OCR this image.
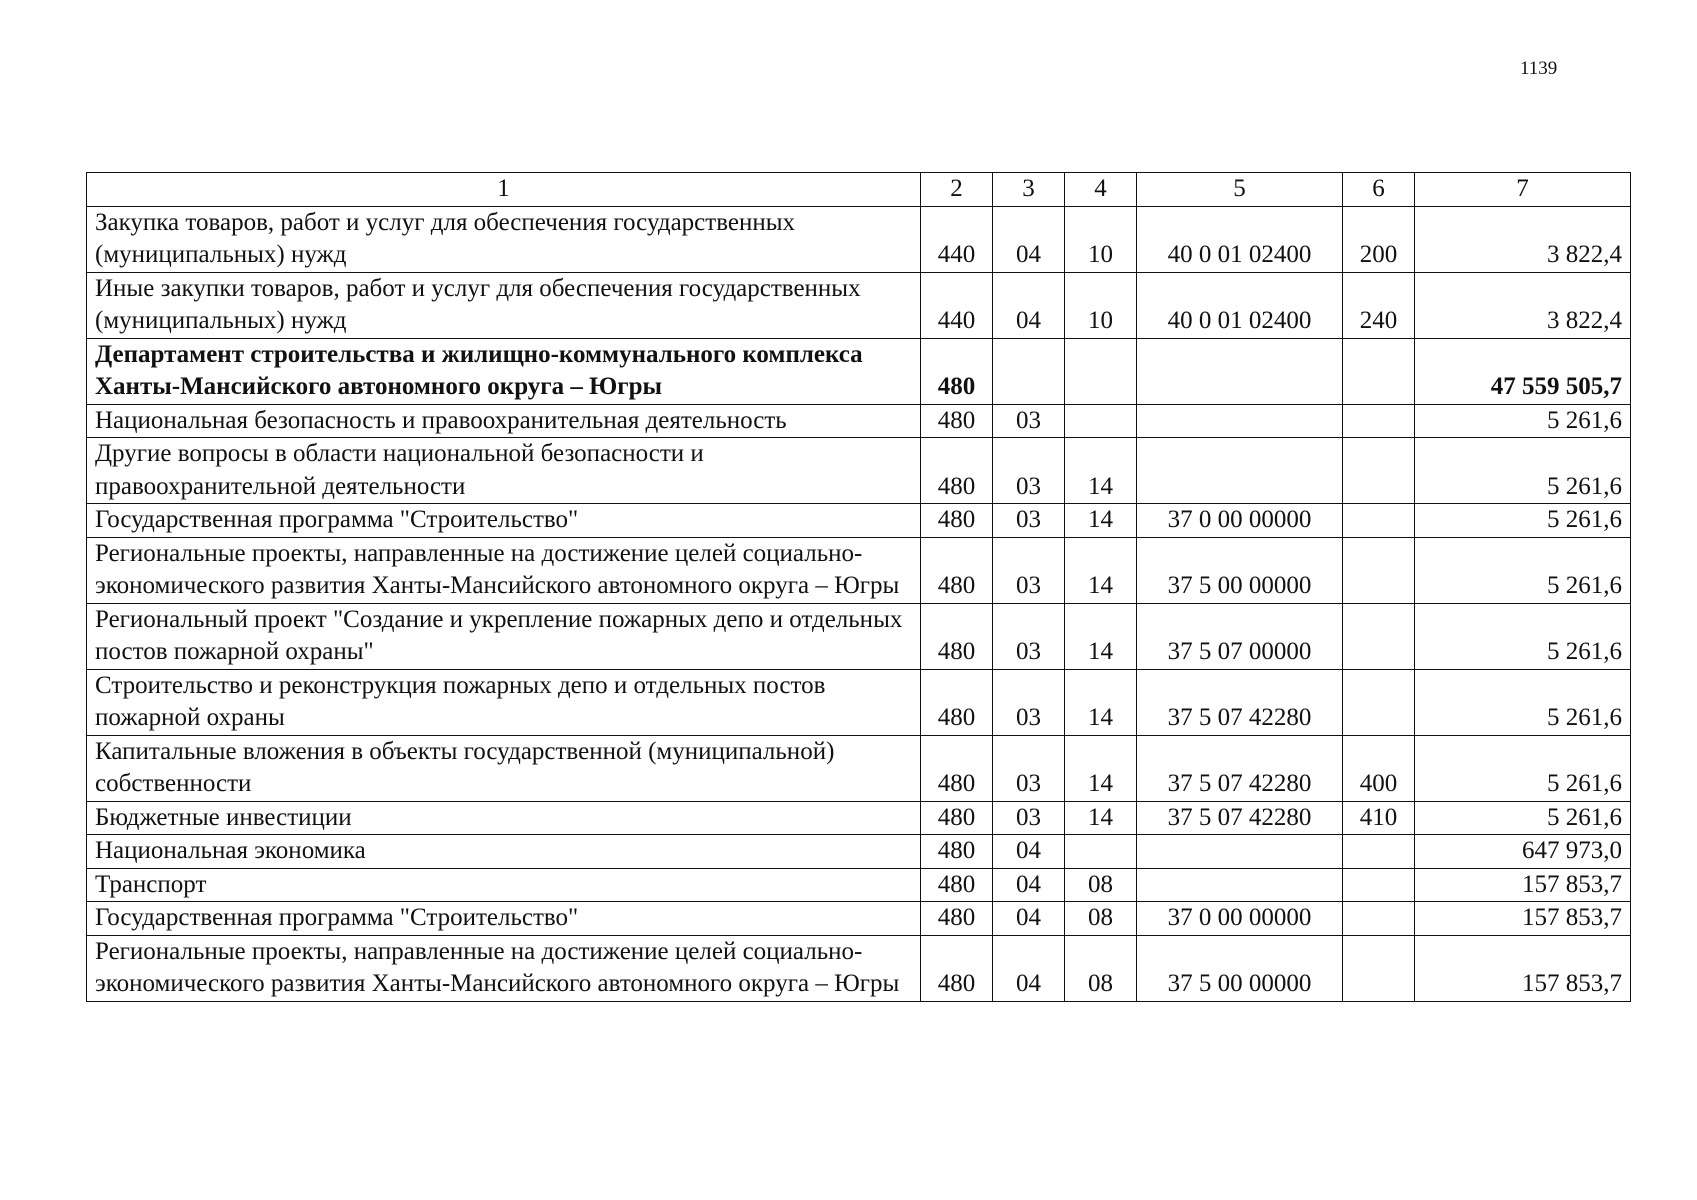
1139
1	2	3	4	5	6	7
Закупка товаров, работ и услуг для обеспечения государственных (муниципальных) нужд	440	04	10	40 0 01 02400	200	3 822,4
Иные закупки товаров, работ и услуг для обеспечения государственных (муниципальных) нужд	440	04	10	40 0 01 02400	240	3 822,4
Департамент строительства и жилищно-коммунального комплекса Ханты-Мансийского автономного округа – Югры	480					47 559 505,7
Национальная безопасность и правоохранительная деятельность	480	03				5 261,6
Другие вопросы в области национальной безопасности и правоохранительной деятельности	480	03	14			5 261,6
Государственная программа "Строительство"	480	03	14	37 0 00 00000		5 261,6
Региональные проекты, направленные на достижение целей социально-экономического развития Ханты-Мансийского автономного округа – Югры	480	03	14	37 5 00 00000		5 261,6
Региональный проект "Создание и укрепление пожарных депо и отдельных постов пожарной охраны"	480	03	14	37 5 07 00000		5 261,6
Строительство и реконструкция пожарных депо и отдельных постов пожарной охраны	480	03	14	37 5 07 42280		5 261,6
Капитальные вложения в объекты государственной (муниципальной) собственности	480	03	14	37 5 07 42280	400	5 261,6
Бюджетные инвестиции	480	03	14	37 5 07 42280	410	5 261,6
Национальная экономика	480	04				647 973,0
Транспорт	480	04	08			157 853,7
Государственная программа "Строительство"	480	04	08	37 0 00 00000		157 853,7
Региональные проекты, направленные на достижение целей социально-экономического развития Ханты-Мансийского автономного округа – Югры	480	04	08	37 5 00 00000		157 853,7
